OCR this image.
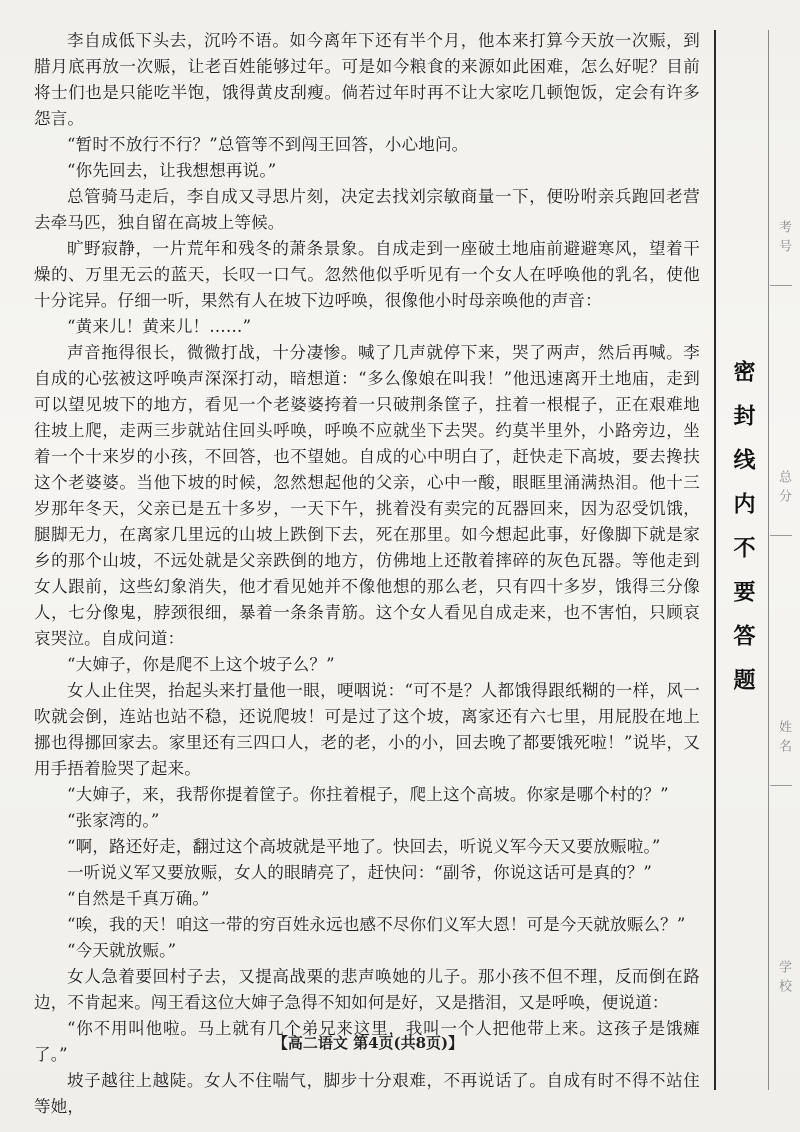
李自成低下头去，沉吟不语。如今离年下还有半个月，他本来打算今天放一次赈，到腊月底再放一次赈，让老百姓能够过年。可是如今粮食的来源如此困难，怎么好呢？目前将士们也是只能吃半饱，饿得黄皮刮瘦。倘若过年时再不让大家吃几顿饱饭，定会有许多怨言。

“暂时不放行不行？”总管等不到闯王回答，小心地问。

“你先回去，让我想想再说。”

总管骑马走后，李自成又寻思片刻，决定去找刘宗敏商量一下，便吩咐亲兵跑回老营去牵马匹，独自留在高坡上等候。

旷野寂静，一片荒年和残冬的萧条景象。自成走到一座破土地庙前避避寒风，望着干燥的、万里无云的蓝天，长叹一口气。忽然他似乎听见有一个女人在呼唤他的乳名，使他十分诧异。仔细一听，果然有人在坡下边呼唤，很像他小时母亲唤他的声音：

“黄来儿！黄来儿！……”

声音拖得很长，微微打战，十分凄惨。喊了几声就停下来，哭了两声，然后再喊。李自成的心弦被这呼唤声深深打动，暗想道：“多么像娘在叫我！”他迅速离开土地庙，走到可以望见坡下的地方，看见一个老婆婆挎着一只破荆条筐子，拄着一根棍子，正在艰难地往坡上爬，走两三步就站住回头呼唤，呼唤不应就坐下去哭。约莫半里外，小路旁边，坐着一个十来岁的小孩，不回答，也不望她。自成的心中明白了，赶快走下高坡，要去搀扶这个老婆婆。当他下坡的时候，忽然想起他的父亲，心中一酸，眼眶里涌满热泪。他十三岁那年冬天，父亲已是五十多岁，一天下午，挑着没有卖完的瓦器回来，因为忍受饥饿，腿脚无力，在离家几里远的山坡上跌倒下去，死在那里。如今想起此事，好像脚下就是家乡的那个山坡，不远处就是父亲跌倒的地方，仿佛地上还散着摔碎的灰色瓦器。等他走到女人跟前，这些幻象消失，他才看见她并不像他想的那么老，只有四十多岁，饿得三分像人，七分像鬼，脖颈很细，暴着一条条青筋。这个女人看见自成走来，也不害怕，只顾哀哀哭泣。自成问道：

“大婶子，你是爬不上这个坡子么？”

女人止住哭，抬起头来打量他一眼，哽咽说：“可不是？人都饿得跟纸糊的一样，风一吹就会倒，连站也站不稳，还说爬坡！可是过了这个坡，离家还有六七里，用屁股在地上挪也得挪回家去。家里还有三四口人，老的老，小的小，回去晚了都要饿死啦！”说毕，又用手捂着脸哭了起来。

“大婶子，来，我帮你提着筐子。你拄着棍子，爬上这个高坡。你家是哪个村的？”

“张家湾的。”

“啊，路还好走，翻过这个高坡就是平地了。快回去，听说义军今天又要放赈啦。”

一听说义军又要放赈，女人的眼睛亮了，赶快问：“副爷，你说这话可是真的？”

“自然是千真万确。”

“唉，我的天！咱这一带的穷百姓永远也感不尽你们义军大恩！可是今天就放赈么？”

“今天就放赈。”

女人急着要回村子去，又提高战栗的悲声唤她的儿子。那小孩不但不理，反而倒在路边，不肯起来。闯王看这位大婶子急得不知如何是好，又是揩泪，又是呼唤，便说道：

“你不用叫他啦。马上就有几个弟兄来这里，我叫一个人把他带上来。这孩子是饿瘫了。”

坡子越往上越陡。女人不住喘气，脚步十分艰难，不再说话了。自成有时不得不站住等她，

【高二语文 第4页(共8页)】
密封线内不要答题
考号
总分
姓名
学校
